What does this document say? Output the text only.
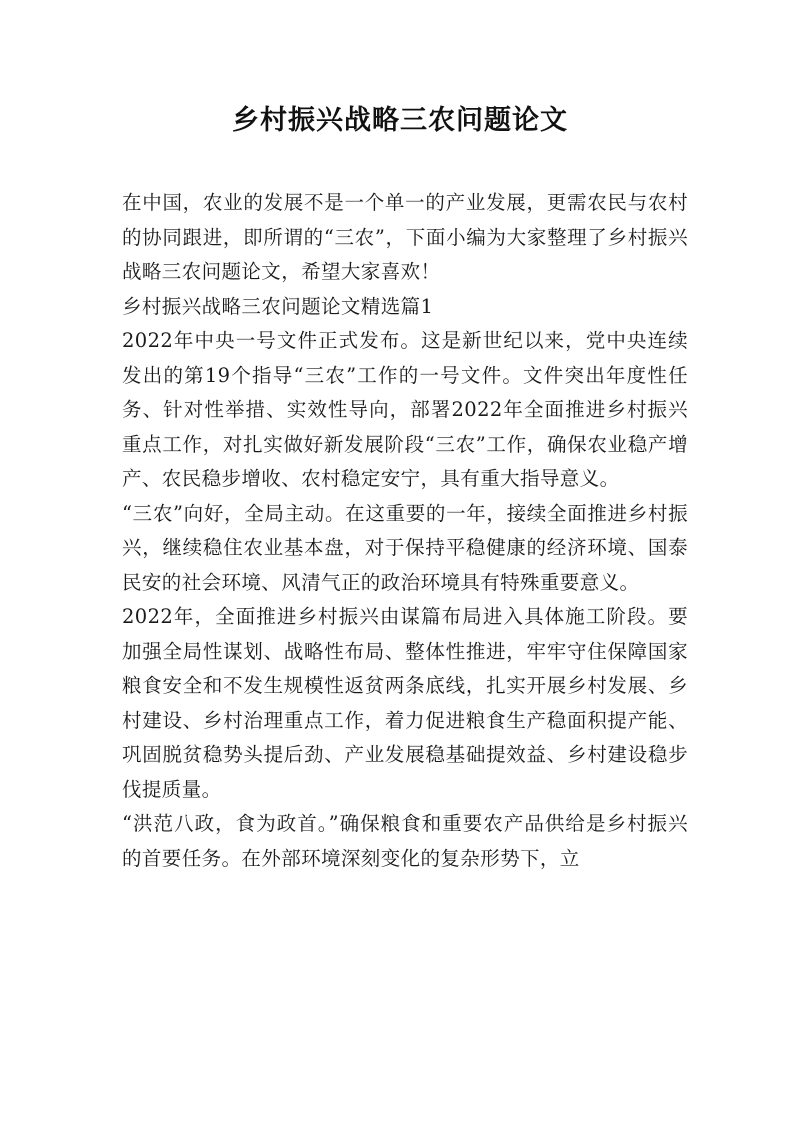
乡村振兴战略三农问题论文

在中国，农业的发展不是一个单一的产业发展，更需农民与农村的协同跟进，即所谓的“三农”，下面小编为大家整理了乡村振兴战略三农问题论文，希望大家喜欢！

乡村振兴战略三农问题论文精选篇1

2022年中央一号文件正式发布。这是新世纪以来，党中央连续发出的第19个指导“三农”工作的一号文件。文件突出年度性任务、针对性举措、实效性导向，部署2022年全面推进乡村振兴重点工作，对扎实做好新发展阶段“三农”工作，确保农业稳产增产、农民稳步增收、农村稳定安宁，具有重大指导意义。

“三农”向好，全局主动。在这重要的一年，接续全面推进乡村振兴，继续稳住农业基本盘，对于保持平稳健康的经济环境、国泰民安的社会环境、风清气正的政治环境具有特殊重要意义。

2022年，全面推进乡村振兴由谋篇布局进入具体施工阶段。要加强全局性谋划、战略性布局、整体性推进，牢牢守住保障国家粮食安全和不发生规模性返贫两条底线，扎实开展乡村发展、乡村建设、乡村治理重点工作，着力促进粮食生产稳面积提产能、巩固脱贫稳势头提后劲、产业发展稳基础提效益、乡村建设稳步伐提质量。

“洪范八政，食为政首。”确保粮食和重要农产品供给是乡村振兴的首要任务。在外部环境深刻变化的复杂形势下，立
